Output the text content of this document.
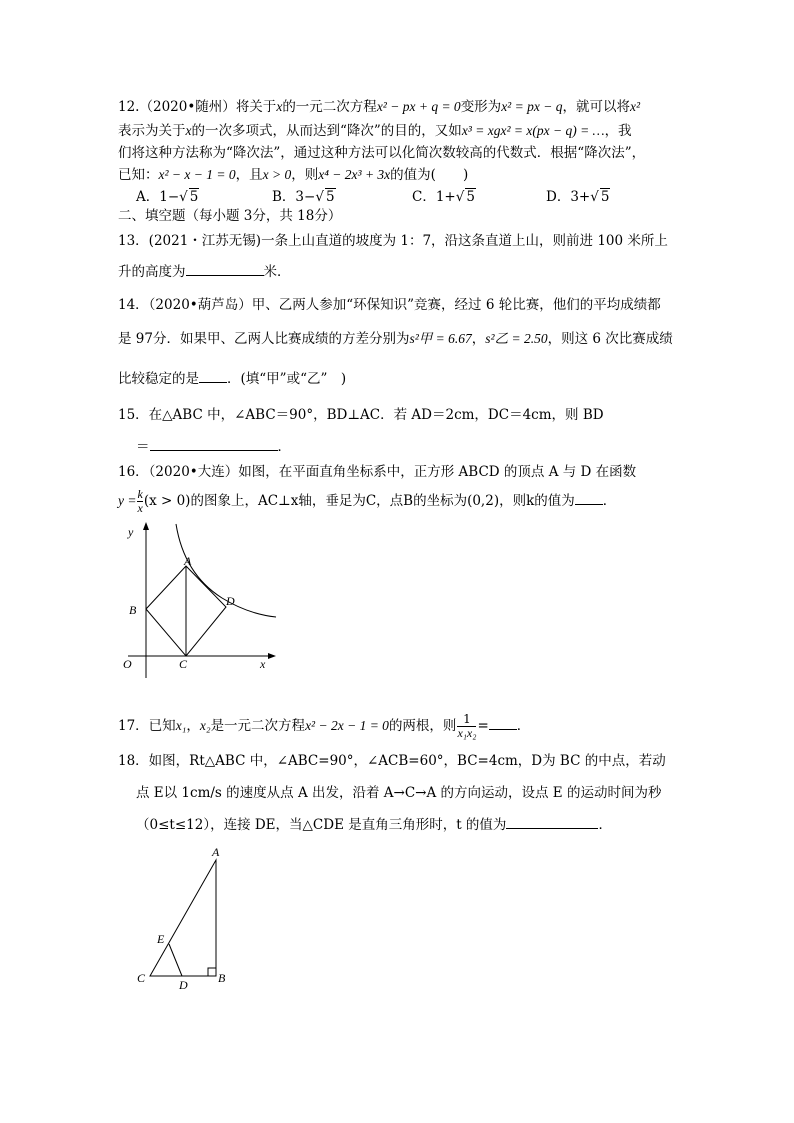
12.（2020•随州）将关于x的一元二次方程x² − px + q = 0变形为x² = px − q，就可以将x²
表示为关于x的一次多项式，从而达到“降次”的目的，又如x³ = xgx² = x(px − q) = …，我
们将这种方法称为“降次法”，通过这种方法可以化简次数较高的代数式．根据“降次法”，
已知：x² − x − 1 = 0，且x > 0，则x⁴ − 2x³ + 3x的值为(　　)
A．1−√ 5	B．3−√ 5	C．1+√ 5	D．3+√ 5
二、填空题（每小题 3分，共 18分）
13．(2021・江苏无锡)一条上山直道的坡度为 1：7，沿这条直道上山，则前进 100 米所上
升的高度为	米．
14．（2020•葫芦岛）甲、乙两人参加“环保知识”竞赛，经过 6 轮比赛，他们的平均成绩都
是 97分．如果甲、乙两人比赛成绩的方差分别为s²甲 = 6.67，s²乙 = 2.50，则这 6 次比赛成绩
比较稳定的是 ．(填“甲”或“乙”　)
15．在△ABC 中，∠ABC＝90°，BD⊥AC．若 AD＝2cm，DC＝4cm，则 BD
＝	．
16．（2020•大连）如图，在平面直角坐标系中，正方形 ABCD 的顶点 A 与 D 在函数
$y = \frac{k}{x} (x > 0)$的图象上，AC⊥x轴，垂足为C，点B的坐标为(0,2)，则k的值为 ．
y
x
O
A
B
C
D
17．已知x₁，x₂是一元二次方程x² − 2x − 1 = 0的两根，则 $\frac{1}{\text{x₁x₂}}$ = ．
18．如图，Rt△ABC 中，∠ABC=90°，∠ACB=60°，BC=4cm，D为 BC 的中点，若动
点 E以 1cm/s 的速度从点 A 出发，沿着 A→C→A 的方向运动，设点 E 的运动时间为秒
（0≤t≤12），连接 DE，当△CDE 是直角三角形时，t 的值为	．
A
B
C	D
E
